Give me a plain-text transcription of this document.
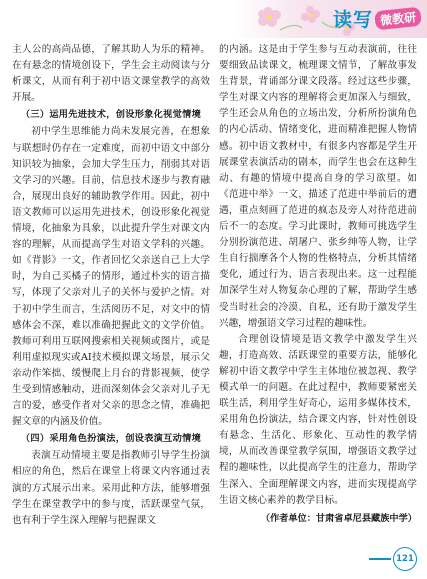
读写 微教研

主人公的高尚品德，了解其助人为乐的精神。在有悬念的情境创设下，学生会主动阅读与分析课文，从而有利于初中语文课堂教学的高效开展。

（三）运用先进技术，创设形象化视觉情境

初中学生思维能力尚未发展完善，在想象与联想时仍存在一定难度，而初中语文中部分知识较为抽象，会加大学生压力，削弱其对语文学习的兴趣。目前，信息技术逐步与教育融合，展现出良好的辅助教学作用。因此，初中语文教师可以运用先进技术，创设形象化视觉情境，化抽象为具象，以此提升学生对课文内容的理解，从而提高学生对语文学科的兴趣。如《背影》一文，作者回忆父亲送自己上大学时，为自己买橘子的情形，通过朴实的语言描写，体现了父亲对儿子的关怀与爱护之情。对于初中学生而言，生活阅历不足，对文中的情感体会不深，难以准确把握此文的文学价值。教师可利用互联网搜索相关视频或图片，或是利用虚拟现实或AI技术模拟课文场景，展示父亲动作笨拙、缓慢爬上月台的背影视频，使学生受到情感触动，进而深刻体会父亲对儿子无言的爱，感受作者对父亲的思念之情，准确把握文章的内涵及价值。

（四）采用角色扮演法，创设表演互动情境

表演互动情境主要是指教师引导学生扮演相应的角色，然后在课堂上将课文内容通过表演的方式展示出来。采用此种方法，能够增强学生在课堂教学中的参与度，活跃课堂气氛，也有利于学生深入理解与把握课文

的内涵。这是由于学生参与互动表演前，往往要细致品读课文，梳理课文情节，了解故事发生背景，背诵部分课文段落。经过这些步骤，学生对课文内容的理解将会更加深入与细致，学生还会从角色的立场出发，分析所扮演角色的内心活动、情绪变化，进而精准把握人物情感。初中语文教材中，有很多内容都是学生开展课堂表演活动的剧本，而学生也会在这种生动、有趣的情境中提高自身的学习欲望。如《范进中举》一文，描述了范进中举前后的遭遇，重点刻画了范进的疯态及旁人对待范进前后不一的态度。学习此课时，教师可挑选学生分别扮演范进、胡屠户、张乡绅等人物，让学生自行揣摩各个人物的性格特点，分析其情绪变化，通过行为、语言表现出来。这一过程能加深学生对人物复杂心理的了解，帮助学生感受当时社会的冷漠、自私，还有助于激发学生兴趣，增强语文学习过程的趣味性。

合理创设情境是语文教学中激发学生兴趣，打造高效、活跃课堂的重要方法，能够化解初中语文教学中学生主体地位被忽视、教学模式单一的问题。在此过程中，教师要紧密关联生活，利用学生好奇心，运用多媒体技术，采用角色扮演法，结合课文内容，针对性创设有悬念、生活化、形象化、互动性的教学情境，从而改善课堂教学氛围，增强语文教学过程的趣味性，以此提高学生的注意力，帮助学生深入、全面理解课文内容，进而实现提高学生语文核心素养的教学目标。

（作者单位：甘肃省卓尼县藏族中学）
121
